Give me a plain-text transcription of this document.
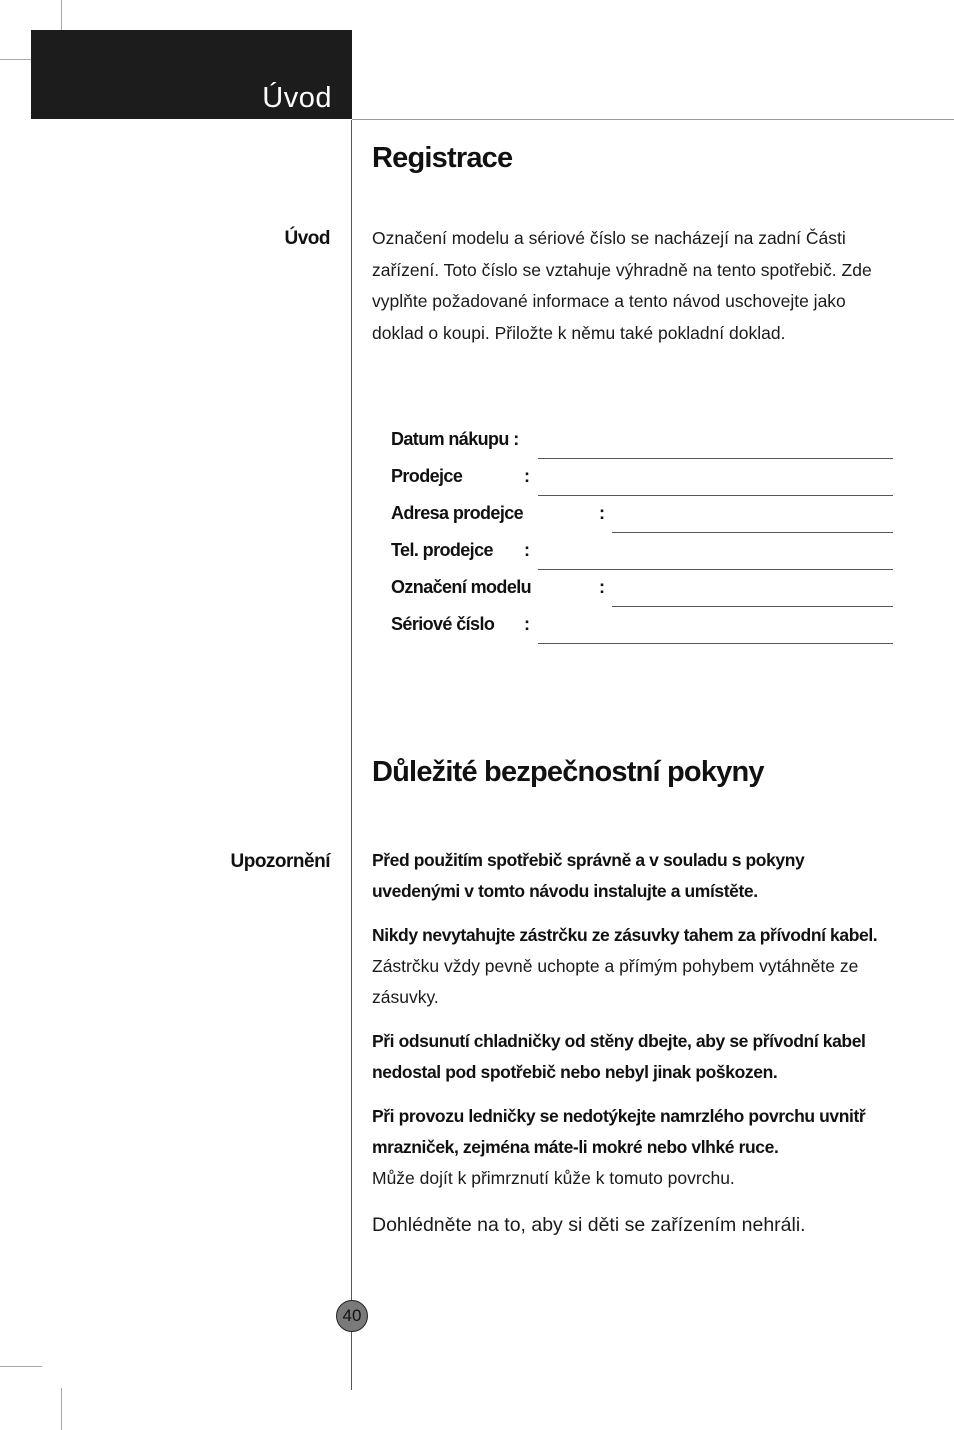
Úvod
Registrace
Úvod Označení modelu a sériové číslo se nacházejí na zadní Části zařízení. Toto číslo se vztahuje výhradně na tento spotřebič. Zde vyplňte požadované informace a tento návod uschovejte jako doklad o koupi. Přiložte k němu také pokladní doklad.
Datum nákupu :
Prodejce	:
Adresa prodejce	:
Tel. prodejce :
Označení modelu	:
Sériové číslo :
Důležité bezpečnostní pokyny
Upozornění Před použitím spotřebič správně a v souladu s pokyny uvedenými v tomto návodu instalujte a umístěte.
Nikdy nevytahujte zástrčku ze zásuvky tahem za přívodní kabel. Zástrčku vždy pevně uchopte a přímým pohybem vytáhněte ze zásuvky.
Při odsunutí chladničky od stěny dbejte, aby se přívodní kabel nedostal pod spotřebič nebo nebyl jinak poškozen.
Při provozu ledničky se nedotýkejte namrzlého povrchu uvnitř mrazniček, zejména máte-li mokré nebo vlhké ruce.
Může dojít k přimrznutí kůže k tomuto povrchu.
Dohlédněte na to, aby si děti se zařízením nehráli.
40
